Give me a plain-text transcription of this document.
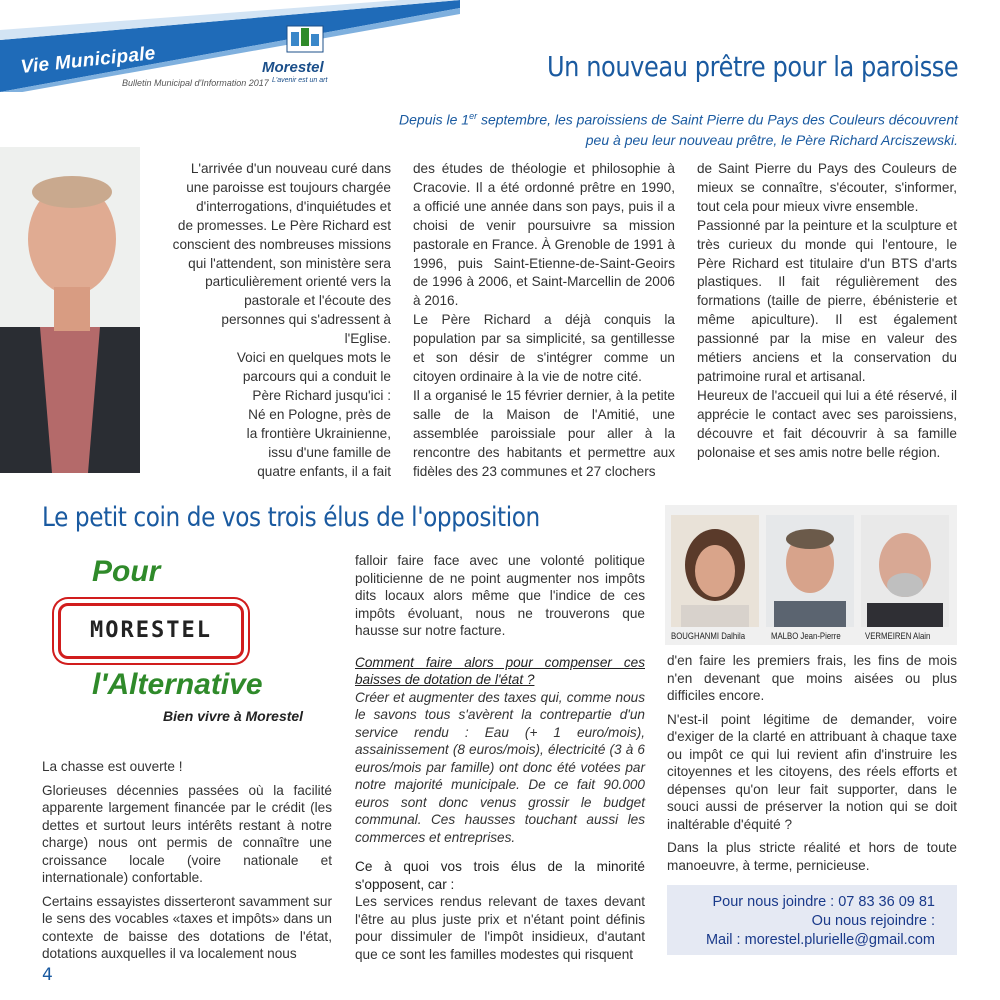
Vie Municipale
Bulletin Municipal d'Information 2017
Morestel
L'avenir est un art	Un nouveau prêtre pour la paroisse
Depuis le 1er septembre, les paroissiens de Saint Pierre du Pays des Couleurs découvrent
peu à peu leur nouveau prêtre, le Père Richard Arciszewski.
L'arrivée d'un nouveau curé dans
une paroisse est toujours chargée
d'interrogations, d'inquiétudes et
de promesses. Le Père Richard est
conscient des nombreuses missions
qui l'attendent, son ministère sera
particulièrement orienté vers la
pastorale et l'écoute des
personnes qui s'adressent à
l'Eglise.
Voici en quelques mots le
parcours qui a conduit le
Père Richard jusqu'ici :
Né en Pologne, près de
la frontière Ukrainienne,
issu d'une famille de
quatre enfants, il a fait

des études de théologie et philosophie à Cracovie. Il a été ordonné prêtre en 1990, a officié une année dans son pays, puis il a choisi de venir poursuivre sa mission pastorale en France. À Grenoble de 1991 à 1996, puis Saint-Etienne-de-Saint-Geoirs de 1996 à 2006, et Saint-Marcellin de 2006 à 2016.

Le Père Richard a déjà conquis la population par sa simplicité, sa gentillesse et son désir de s'intégrer comme un citoyen ordinaire à la vie de notre cité.

Il a organisé le 15 février dernier, à la petite salle de la Maison de l'Amitié, une assemblée paroissiale pour aller à la rencontre des habitants et permettre aux fidèles des 23 communes et 27 clochers

de Saint Pierre du Pays des Couleurs de mieux se connaître, s'écouter, s'informer, tout cela pour mieux vivre ensemble.

Passionné par la peinture et la sculpture et très curieux du monde qui l'entoure, le Père Richard est titulaire d'un BTS d'arts plastiques. Il fait régulièrement des formations (taille de pierre, ébénisterie et même apiculture). Il est également passionné par la mise en valeur des métiers anciens et la conservation du patrimoine rural et artisanal.

Heureux de l'accueil qui lui a été réservé, il apprécie le contact avec ses paroissiens, découvre et fait découvrir à sa famille polonaise et ses amis notre belle région.

Le petit coin de vos trois élus de l'opposition
Pour
MORESTEL
l'Alternative
Bien vivre à Morestel

La chasse est ouverte !

Glorieuses décennies passées où la facilité apparente largement financée par le crédit (les dettes et surtout leurs intérêts restant à notre charge) nous ont permis de connaître une croissance locale (voire nationale et internationale) confortable.

Certains essayistes disserteront savamment sur le sens des vocables «taxes et impôts» dans un contexte de baisse des dotations de l'état, dotations auxquelles il va localement nous

falloir faire face avec une volonté politique politicienne de ne point augmenter nos impôts dits locaux alors même que l'indice de ces impôts évoluant, nous ne trouverons que hausse sur notre facture.

Comment faire alors pour compenser ces baisses de dotation de l'état ?

Créer et augmenter des taxes qui, comme nous le savons tous s'avèrent la contrepartie d'un service rendu : Eau (+ 1 euro/mois), assainissement (8 euros/mois), électricité (3 à 6 euros/mois par famille) ont donc été votées par notre majorité municipale. De ce fait 90.000 euros sont donc venus grossir le budget communal. Ces hausses touchant aussi les commerces et entreprises.

Ce à quoi vos trois élus de la minorité s'opposent, car :

Les services rendus relevant de taxes devant l'être au plus juste prix et n'étant point définis pour dissimuler de l'impôt insidieux, d'autant que ce sont les familles modestes qui risquent

BOUGHANMI Dalhila	MALBO Jean-Pierre	VERMEIREN Alain

d'en faire les premiers frais, les fins de mois n'en devenant que moins aisées ou plus difficiles encore.

N'est-il point légitime de demander, voire d'exiger de la clarté en attribuant à chaque taxe ou impôt ce qui lui revient afin d'instruire les citoyennes et les citoyens, des réels efforts et dépenses qu'on leur fait supporter, dans le souci aussi de préserver la notion qui se doit inaltérable d'équité ?

Dans la plus stricte réalité et hors de toute manoeuvre, à terme, pernicieuse.

Pour nous joindre : 07 83 36 09 81

Ou nous rejoindre :

Mail : morestel.plurielle@gmail.com

4
